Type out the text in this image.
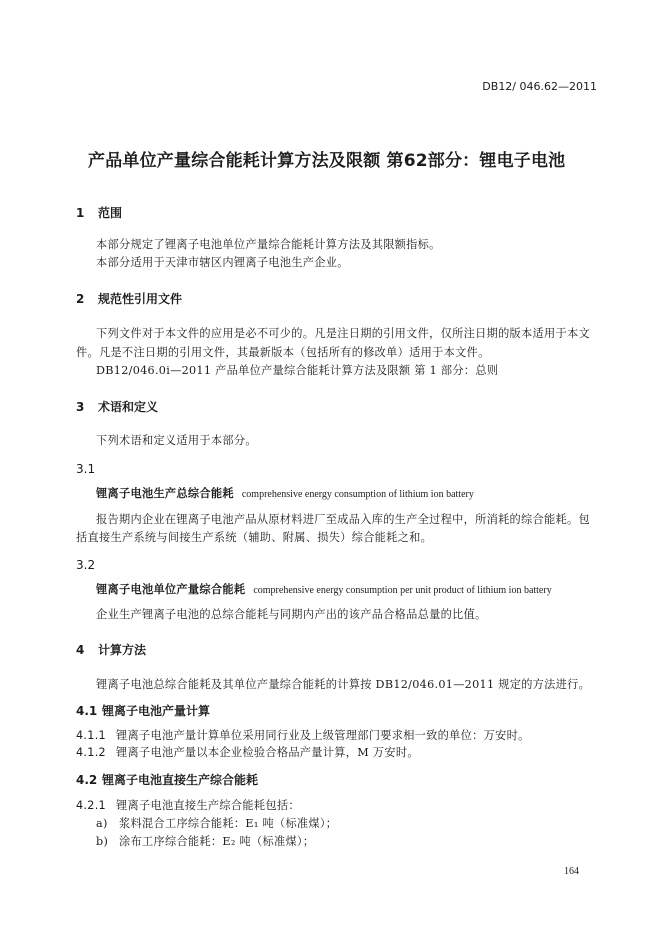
DB12/ 046.62—2011
产品单位产量综合能耗计算方法及限额 第62部分：锂电子电池
1 范围
本部分规定了锂离子电池单位产量综合能耗计算方法及其限额指标。
本部分适用于天津市辖区内锂离子电池生产企业。
2 规范性引用文件
下列文件对于本文件的应用是必不可少的。凡是注日期的引用文件，仅所注日期的版本适用于本文
件。凡是不注日期的引用文件，其最新版本（包括所有的修改单）适用于本文件。
DB12/046.0i—2011 产品单位产量综合能耗计算方法及限额 第 1 部分：总则
3 术语和定义
下列术语和定义适用于本部分。
3.1
锂离子电池生产总综合能耗 comprehensive energy consumption of lithium ion battery
报告期内企业在锂离子电池产品从原材料进厂至成品入库的生产全过程中，所消耗的综合能耗。包
括直接生产系统与间接生产系统（辅助、附属、损失）综合能耗之和。
3.2
锂离子电池单位产量综合能耗 comprehensive energy consumption per unit product of lithium ion battery
企业生产锂离子电池的总综合能耗与同期内产出的该产品合格品总量的比值。
4 计算方法
锂离子电池总综合能耗及其单位产量综合能耗的计算按 DB12/046.01—2011 规定的方法进行。
4.1 锂离子电池产量计算
4.1.1 锂离子电池产量计算单位采用同行业及上级管理部门要求相一致的单位：万安时。
4.1.2 锂离子电池产量以本企业检验合格品产量计算，M 万安时。
4.2 锂离子电池直接生产综合能耗
4.2.1 锂离子电池直接生产综合能耗包括：
a) 浆料混合工序综合能耗：E₁ 吨（标准煤）；
b) 涂布工序综合能耗：E₂ 吨（标准煤）；
164
